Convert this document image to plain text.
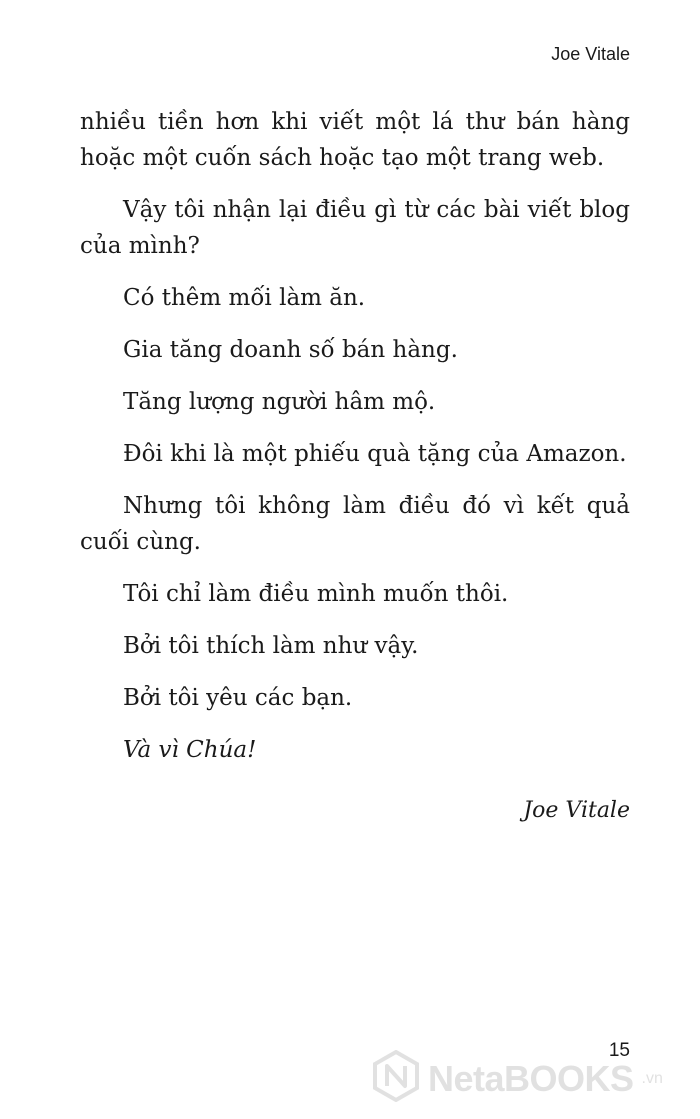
Joe Vitale

nhiều tiền hơn khi viết một lá thư bán hàng hoặc một cuốn sách hoặc tạo một trang web.

Vậy tôi nhận lại điều gì từ các bài viết blog của mình?

Có thêm mối làm ăn.

Gia tăng doanh số bán hàng.

Tăng lượng người hâm mộ.

Đôi khi là một phiếu quà tặng của Amazon.

Nhưng tôi không làm điều đó vì kết quả cuối cùng.

Tôi chỉ làm điều mình muốn thôi.

Bởi tôi thích làm như vậy.

Bởi tôi yêu các bạn.

Và vì Chúa!

Joe Vitale

15

NetaBOOKS .vn
